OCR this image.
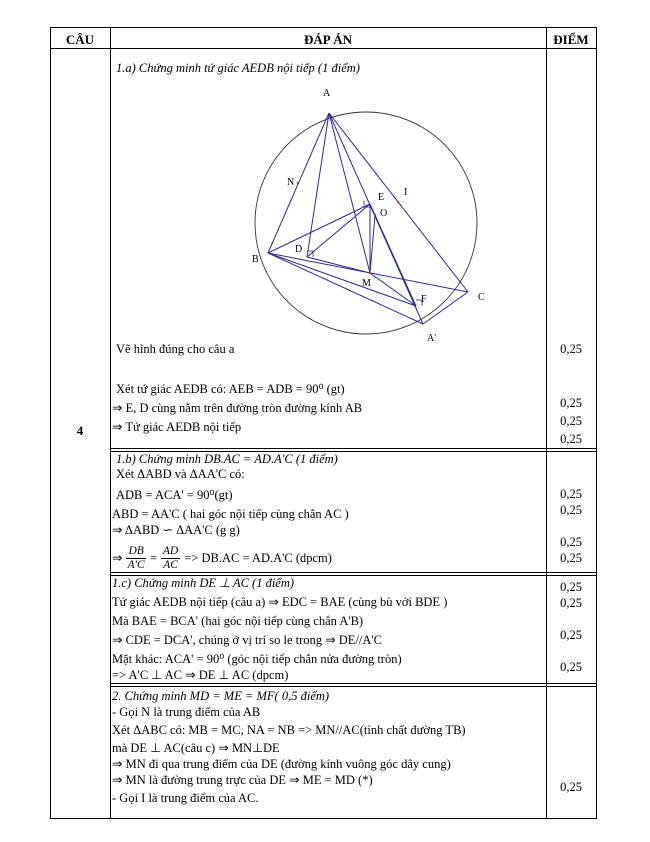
CÂU	ĐÁP ÁN	ĐIỂM
4
1.a) Chứng minh tứ giác AEDB nội tiếp (1 điểm)
A
B
C
A'
N
I
E
O
D
M
F
Vẽ hình đúng cho câu a
Xét tứ giác AEDB có: AEB = ADB = 90⁰ (gt)
⇒ E, D cùng nằm trên đường tròn đường kính AB
⇒ Tứ giác AEDB nội tiếp
1.b) Chứng minh DB.AC = AD.A'C (1 điểm)
Xét ΔABD và ΔAA'C có:
ADB = ACA' = 90⁰(gt)
ABD = AA'C ( hai góc nội tiếp cùng chắn AC )
⇒ ΔABD ∽ ΔAA'C (g g)
⇒ $\frac{DB}{A'C} = \frac{AD}{AC} => DB.AC = AD.A'C$ (dpcm)
1.c) Chứng minh DE ⊥ AC (1 điểm)
Tứ giác AEDB nội tiếp (câu a) ⇒ EDC = BAE (cùng bù với BDE )
Mà BAE = BCA' (hai góc nội tiếp cùng chắn A'B)
⇒ CDE = DCA', chúng ở vị trí so le trong ⇒ DE//A'C
Mặt khác: ACA' = 90⁰ (góc nội tiếp chắn nửa đường tròn)
=> A'C ⊥ AC ⇒ DE ⊥ AC (dpcm)
2. Chứng minh MD = ME = MF( 0,5 điểm)
- Gọi N là trung điểm của AB
Xét ΔABC có: MB = MC, NA = NB => MN//AC(tính chất đường TB)
mà DE ⊥ AC(câu c) ⇒ MN⊥DE
⇒ MN đi qua trung điểm của DE (đường kính vuông góc dây cung)
⇒ MN là đường trung trực của DE ⇒ ME = MD (*)
- Gọi I là trung điểm của AC.
0,25
0,25
0,25
0,25
0,25
0,25
0,25
0,25
0,25
0,25
0,25
0,25
0,25
